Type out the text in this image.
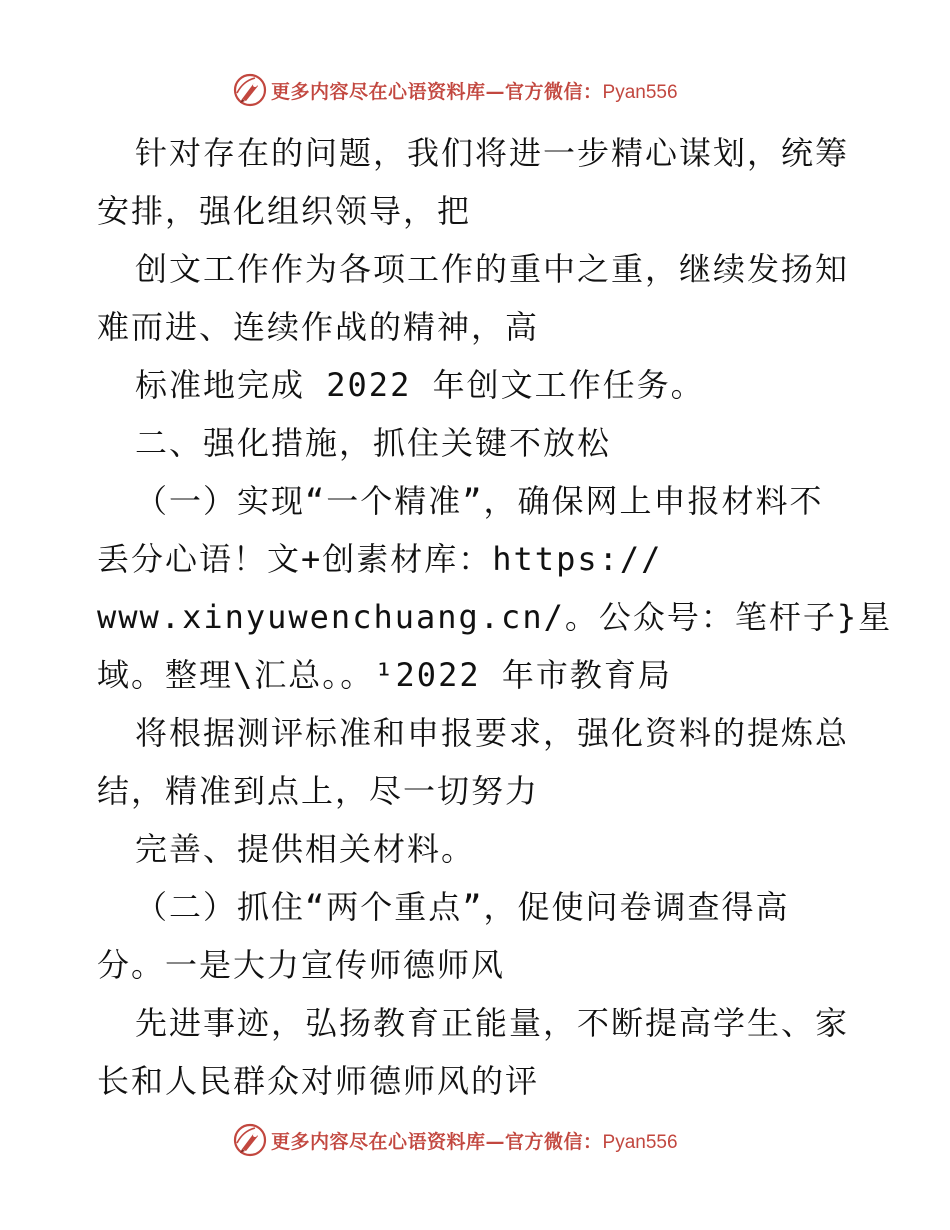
更多内容尽在心语资料库—官方微信：Pyan556
针对存在的问题，我们将进一步精心谋划，统筹
安排，强化组织领导，把
创文工作作为各项工作的重中之重，继续发扬知
难而进、连续作战的精神，高
标准地完成 2022 年创文工作任务。
二、强化措施，抓住关键不放松
（一）实现“一个精准”，确保网上申报材料不
丢分心语！文+创素材库：https://
www.xinyuwenchuang.cn/。公众号：笔杆子}星
域。整理\汇总。。¹2022 年市教育局
将根据测评标准和申报要求，强化资料的提炼总
结，精准到点上，尽一切努力
完善、提供相关材料。
（二）抓住“两个重点”，促使问卷调查得高
分。一是大力宣传师德师风
先进事迹，弘扬教育正能量，不断提高学生、家
长和人民群众对师德师风的评
更多内容尽在心语资料库—官方微信：Pyan556
